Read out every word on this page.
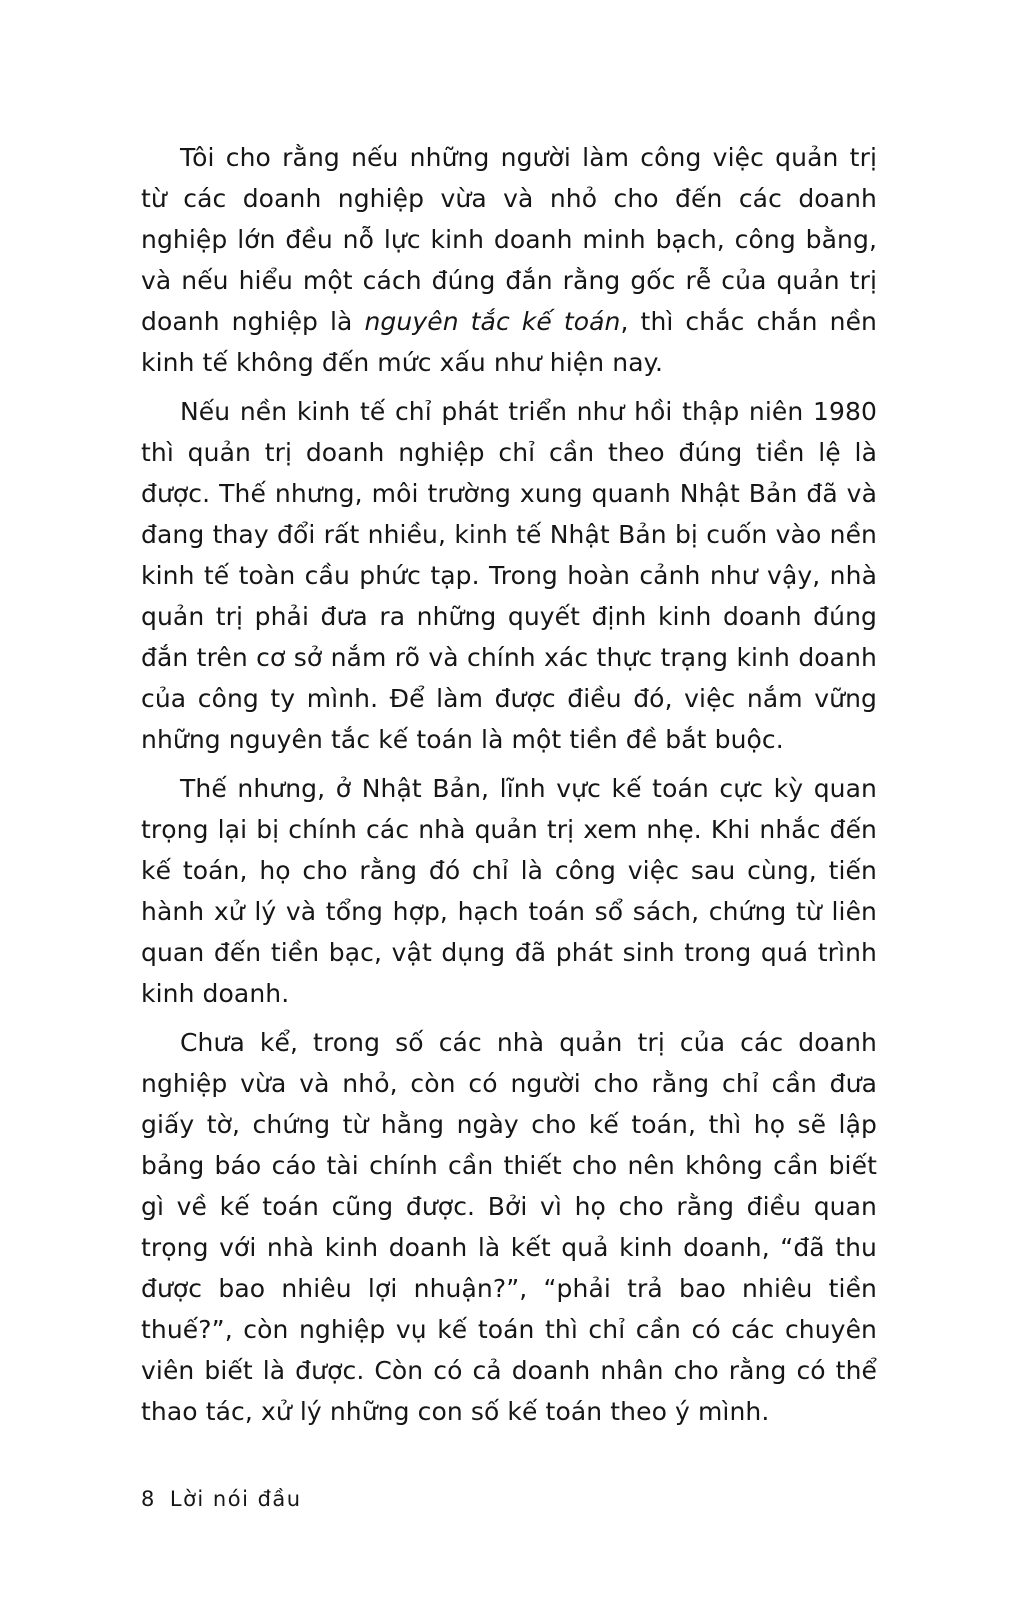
Tôi cho rằng nếu những người làm công việc quản trị từ các doanh nghiệp vừa và nhỏ cho đến các doanh nghiệp lớn đều nỗ lực kinh doanh minh bạch, công bằng, và nếu hiểu một cách đúng đắn rằng gốc rễ của quản trị doanh nghiệp là nguyên tắc kế toán, thì chắc chắn nền kinh tế không đến mức xấu như hiện nay.

Nếu nền kinh tế chỉ phát triển như hồi thập niên 1980 thì quản trị doanh nghiệp chỉ cần theo đúng tiền lệ là được. Thế nhưng, môi trường xung quanh Nhật Bản đã và đang thay đổi rất nhiều, kinh tế Nhật Bản bị cuốn vào nền kinh tế toàn cầu phức tạp. Trong hoàn cảnh như vậy, nhà quản trị phải đưa ra những quyết định kinh doanh đúng đắn trên cơ sở nắm rõ và chính xác thực trạng kinh doanh của công ty mình. Để làm được điều đó, việc nắm vững những nguyên tắc kế toán là một tiền đề bắt buộc.

Thế nhưng, ở Nhật Bản, lĩnh vực kế toán cực kỳ quan trọng lại bị chính các nhà quản trị xem nhẹ. Khi nhắc đến kế toán, họ cho rằng đó chỉ là công việc sau cùng, tiến hành xử lý và tổng hợp, hạch toán sổ sách, chứng từ liên quan đến tiền bạc, vật dụng đã phát sinh trong quá trình kinh doanh.

Chưa kể, trong số các nhà quản trị của các doanh nghiệp vừa và nhỏ, còn có người cho rằng chỉ cần đưa giấy tờ, chứng từ hằng ngày cho kế toán, thì họ sẽ lập bảng báo cáo tài chính cần thiết cho nên không cần biết gì về kế toán cũng được. Bởi vì họ cho rằng điều quan trọng với nhà kinh doanh là kết quả kinh doanh, “đã thu được bao nhiêu lợi nhuận?”, “phải trả bao nhiêu tiền thuế?”, còn nghiệp vụ kế toán thì chỉ cần có các chuyên viên biết là được. Còn có cả doanh nhân cho rằng có thể thao tác, xử lý những con số kế toán theo ý mình.

8 Lời nói đầu
